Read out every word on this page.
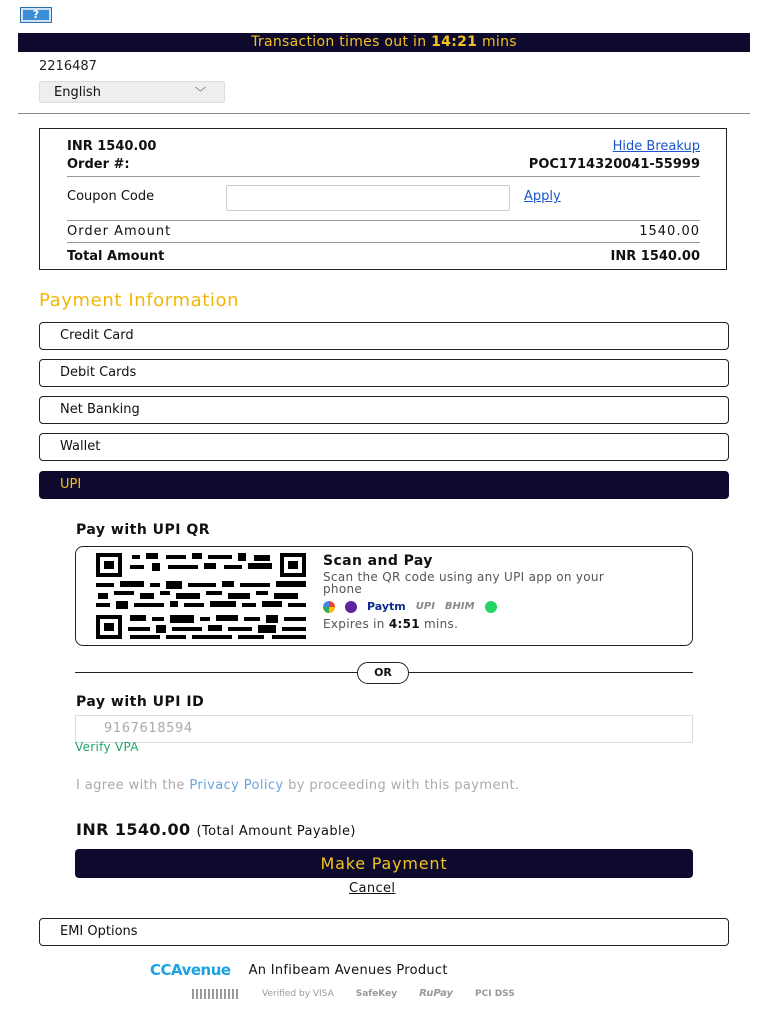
?
Transaction times out in 14:21 mins
2216487
English	﹀
INR 1540.00	Hide Breakup
Order #:	POC1714320041-55999
Coupon Code	Apply
Order Amount	1540.00
Total Amount	INR 1540.00
Payment Information
Credit Card
Debit Cards
Net Banking
Wallet
UPI
Pay with UPI QR
Scan and Pay
Scan the QR code using any UPI app on your phone
Paytm UPI BHIM
Expires in 4:51 mins.
OR
Pay with UPI ID
9167618594
Verify VPA
I agree with the Privacy Policy by proceeding with this payment.
INR 1540.00 (Total Amount Payable)
Make Payment
Cancel
EMI Options
CCAvenue An Infibeam Avenues Product
Verified by VISA SafeKey RuPay PCI DSS
